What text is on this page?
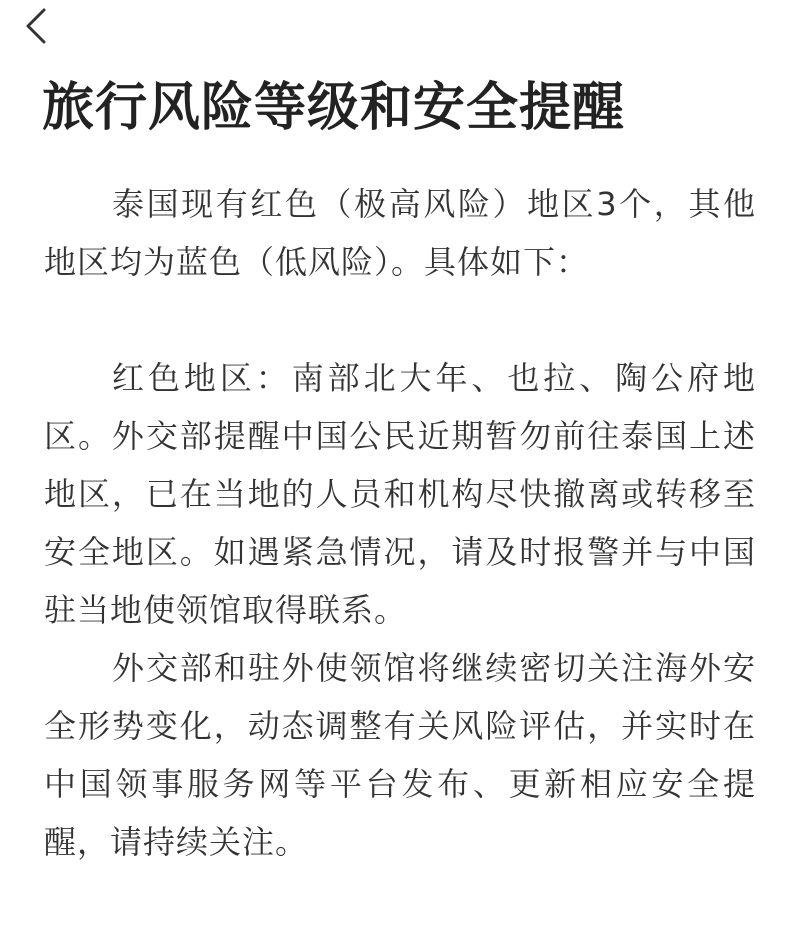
旅行风险等级和安全提醒

泰国现有红色（极高风险）地区3个，其他地区均为蓝色（低风险）。具体如下：

红色地区：南部北大年、也拉、陶公府地区。外交部提醒中国公民近期暂勿前往泰国上述地区，已在当地的人员和机构尽快撤离或转移至安全地区。如遇紧急情况，请及时报警并与中国驻当地使领馆取得联系。

外交部和驻外使领馆将继续密切关注海外安全形势变化，动态调整有关风险评估，并实时在中国领事服务网等平台发布、更新相应安全提醒，请持续关注。
